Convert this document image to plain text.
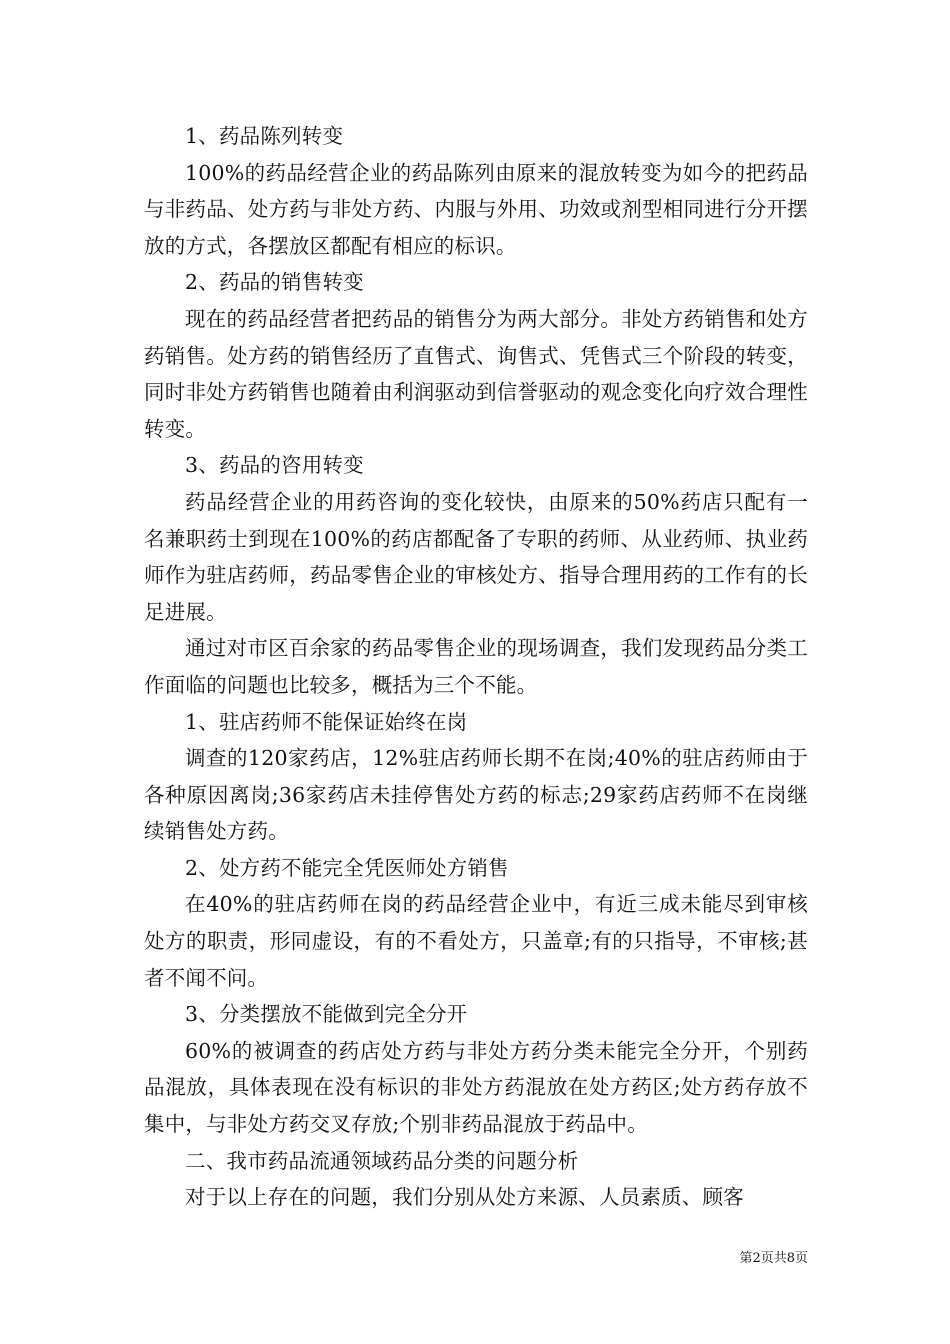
1、药品陈列转变

100%的药品经营企业的药品陈列由原来的混放转变为如今的把药品与非药品、处方药与非处方药、内服与外用、功效或剂型相同进行分开摆放的方式，各摆放区都配有相应的标识。

2、药品的销售转变

现在的药品经营者把药品的销售分为两大部分。非处方药销售和处方药销售。处方药的销售经历了直售式、询售式、凭售式三个阶段的转变，同时非处方药销售也随着由利润驱动到信誉驱动的观念变化向疗效合理性转变。

3、药品的咨用转变

药品经营企业的用药咨询的变化较快，由原来的50%药店只配有一名兼职药士到现在100%的药店都配备了专职的药师、从业药师、执业药师作为驻店药师，药品零售企业的审核处方、指导合理用药的工作有的长足进展。

通过对市区百余家的药品零售企业的现场调查，我们发现药品分类工作面临的问题也比较多，概括为三个不能。

1、驻店药师不能保证始终在岗

调查的120家药店，12%驻店药师长期不在岗;40%的驻店药师由于各种原因离岗;36家药店未挂停售处方药的标志;29家药店药师不在岗继续销售处方药。

2、处方药不能完全凭医师处方销售

在40%的驻店药师在岗的药品经营企业中，有近三成未能尽到审核处方的职责，形同虚设，有的不看处方，只盖章;有的只指导，不审核;甚者不闻不问。

3、分类摆放不能做到完全分开

60%的被调查的药店处方药与非处方药分类未能完全分开，个别药品混放，具体表现在没有标识的非处方药混放在处方药区;处方药存放不集中，与非处方药交叉存放;个别非药品混放于药品中。

二、我市药品流通领域药品分类的问题分析

对于以上存在的问题，我们分别从处方来源、人员素质、顾客

第2页共8页
